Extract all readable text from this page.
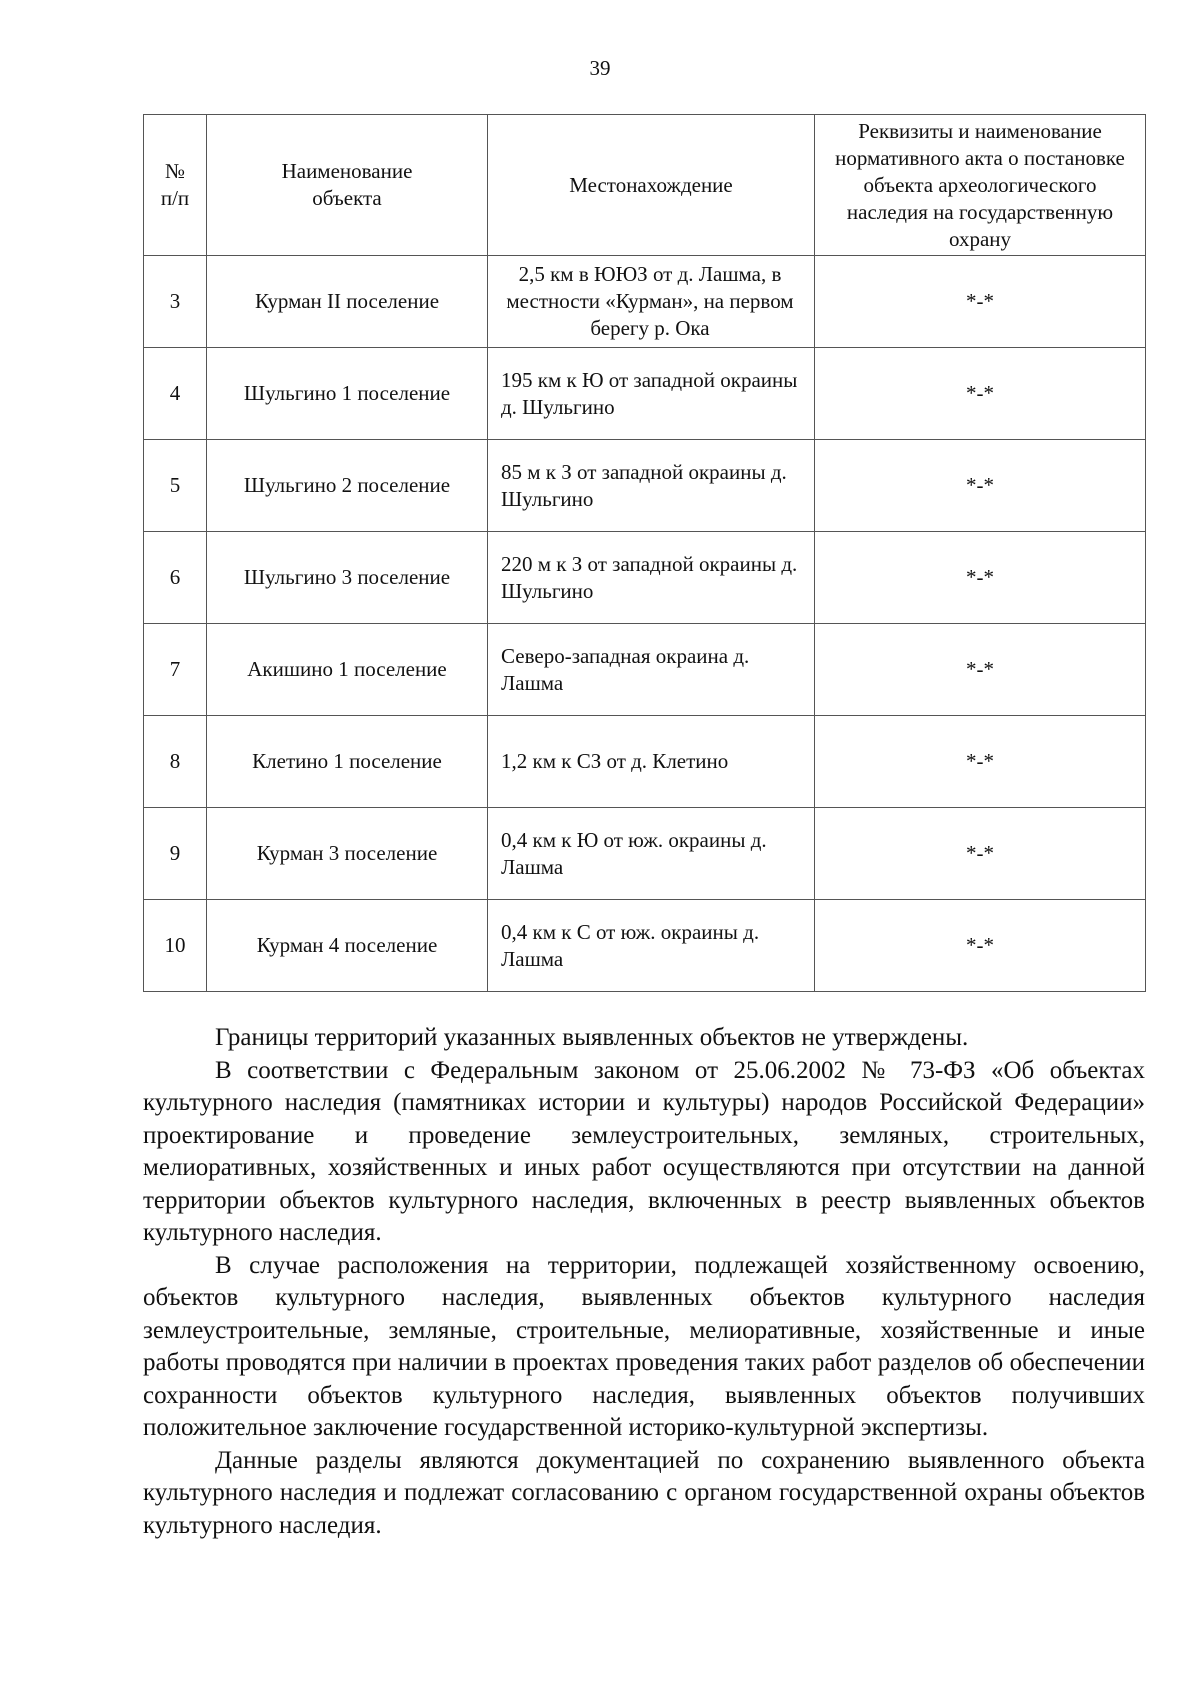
39
№ п/п	Наименование объекта	Местонахождение	Реквизиты и наименование нормативного акта о постановке объекта археологического наследия на государственную охрану
3	Курман II поселение	2,5 км в ЮЮЗ от д. Лашма, в местности «Курман», на первом берегу р. Ока	*-*
4	Шульгино 1 поселение	195 км к Ю от западной окраины д. Шульгино	*-*
5	Шульгино 2 поселение	85 м к З от западной окраины д. Шульгино	*-*
6	Шульгино 3 поселение	220 м к З от западной окраины д. Шульгино	*-*
7	Акишино 1 поселение	Северо-западная окраина д. Лашма	*-*
8	Клетино 1 поселение	1,2 км к СЗ от д. Клетино	*-*
9	Курман 3 поселение	0,4 км к Ю от юж. окраины д. Лашма	*-*
10	Курман 4 поселение	0,4 км к С от юж. окраины д. Лашма	*-*

Границы территорий указанных выявленных объектов не утверждены.

В соответствии с Федеральным законом от 25.06.2002 № 73-ФЗ «Об объектах культурного наследия (памятниках истории и культуры) народов Российской Федерации» проектирование и проведение землеустроительных, земляных, строительных, мелиоративных, хозяйственных и иных работ осуществляются при отсутствии на данной территории объектов культурного наследия, включенных в реестр выявленных объектов культурного наследия.

В случае расположения на территории, подлежащей хозяйственному освоению, объектов культурного наследия, выявленных объектов культурного наследия землеустроительные, земляные, строительные, мелиоративные, хозяйственные и иные работы проводятся при наличии в проектах проведения таких работ разделов об обеспечении сохранности объектов культурного наследия, выявленных объектов получивших положительное заключение государственной историко-культурной экспертизы.

Данные разделы являются документацией по сохранению выявленного объекта культурного наследия и подлежат согласованию с органом государственной охраны объектов культурного наследия.
